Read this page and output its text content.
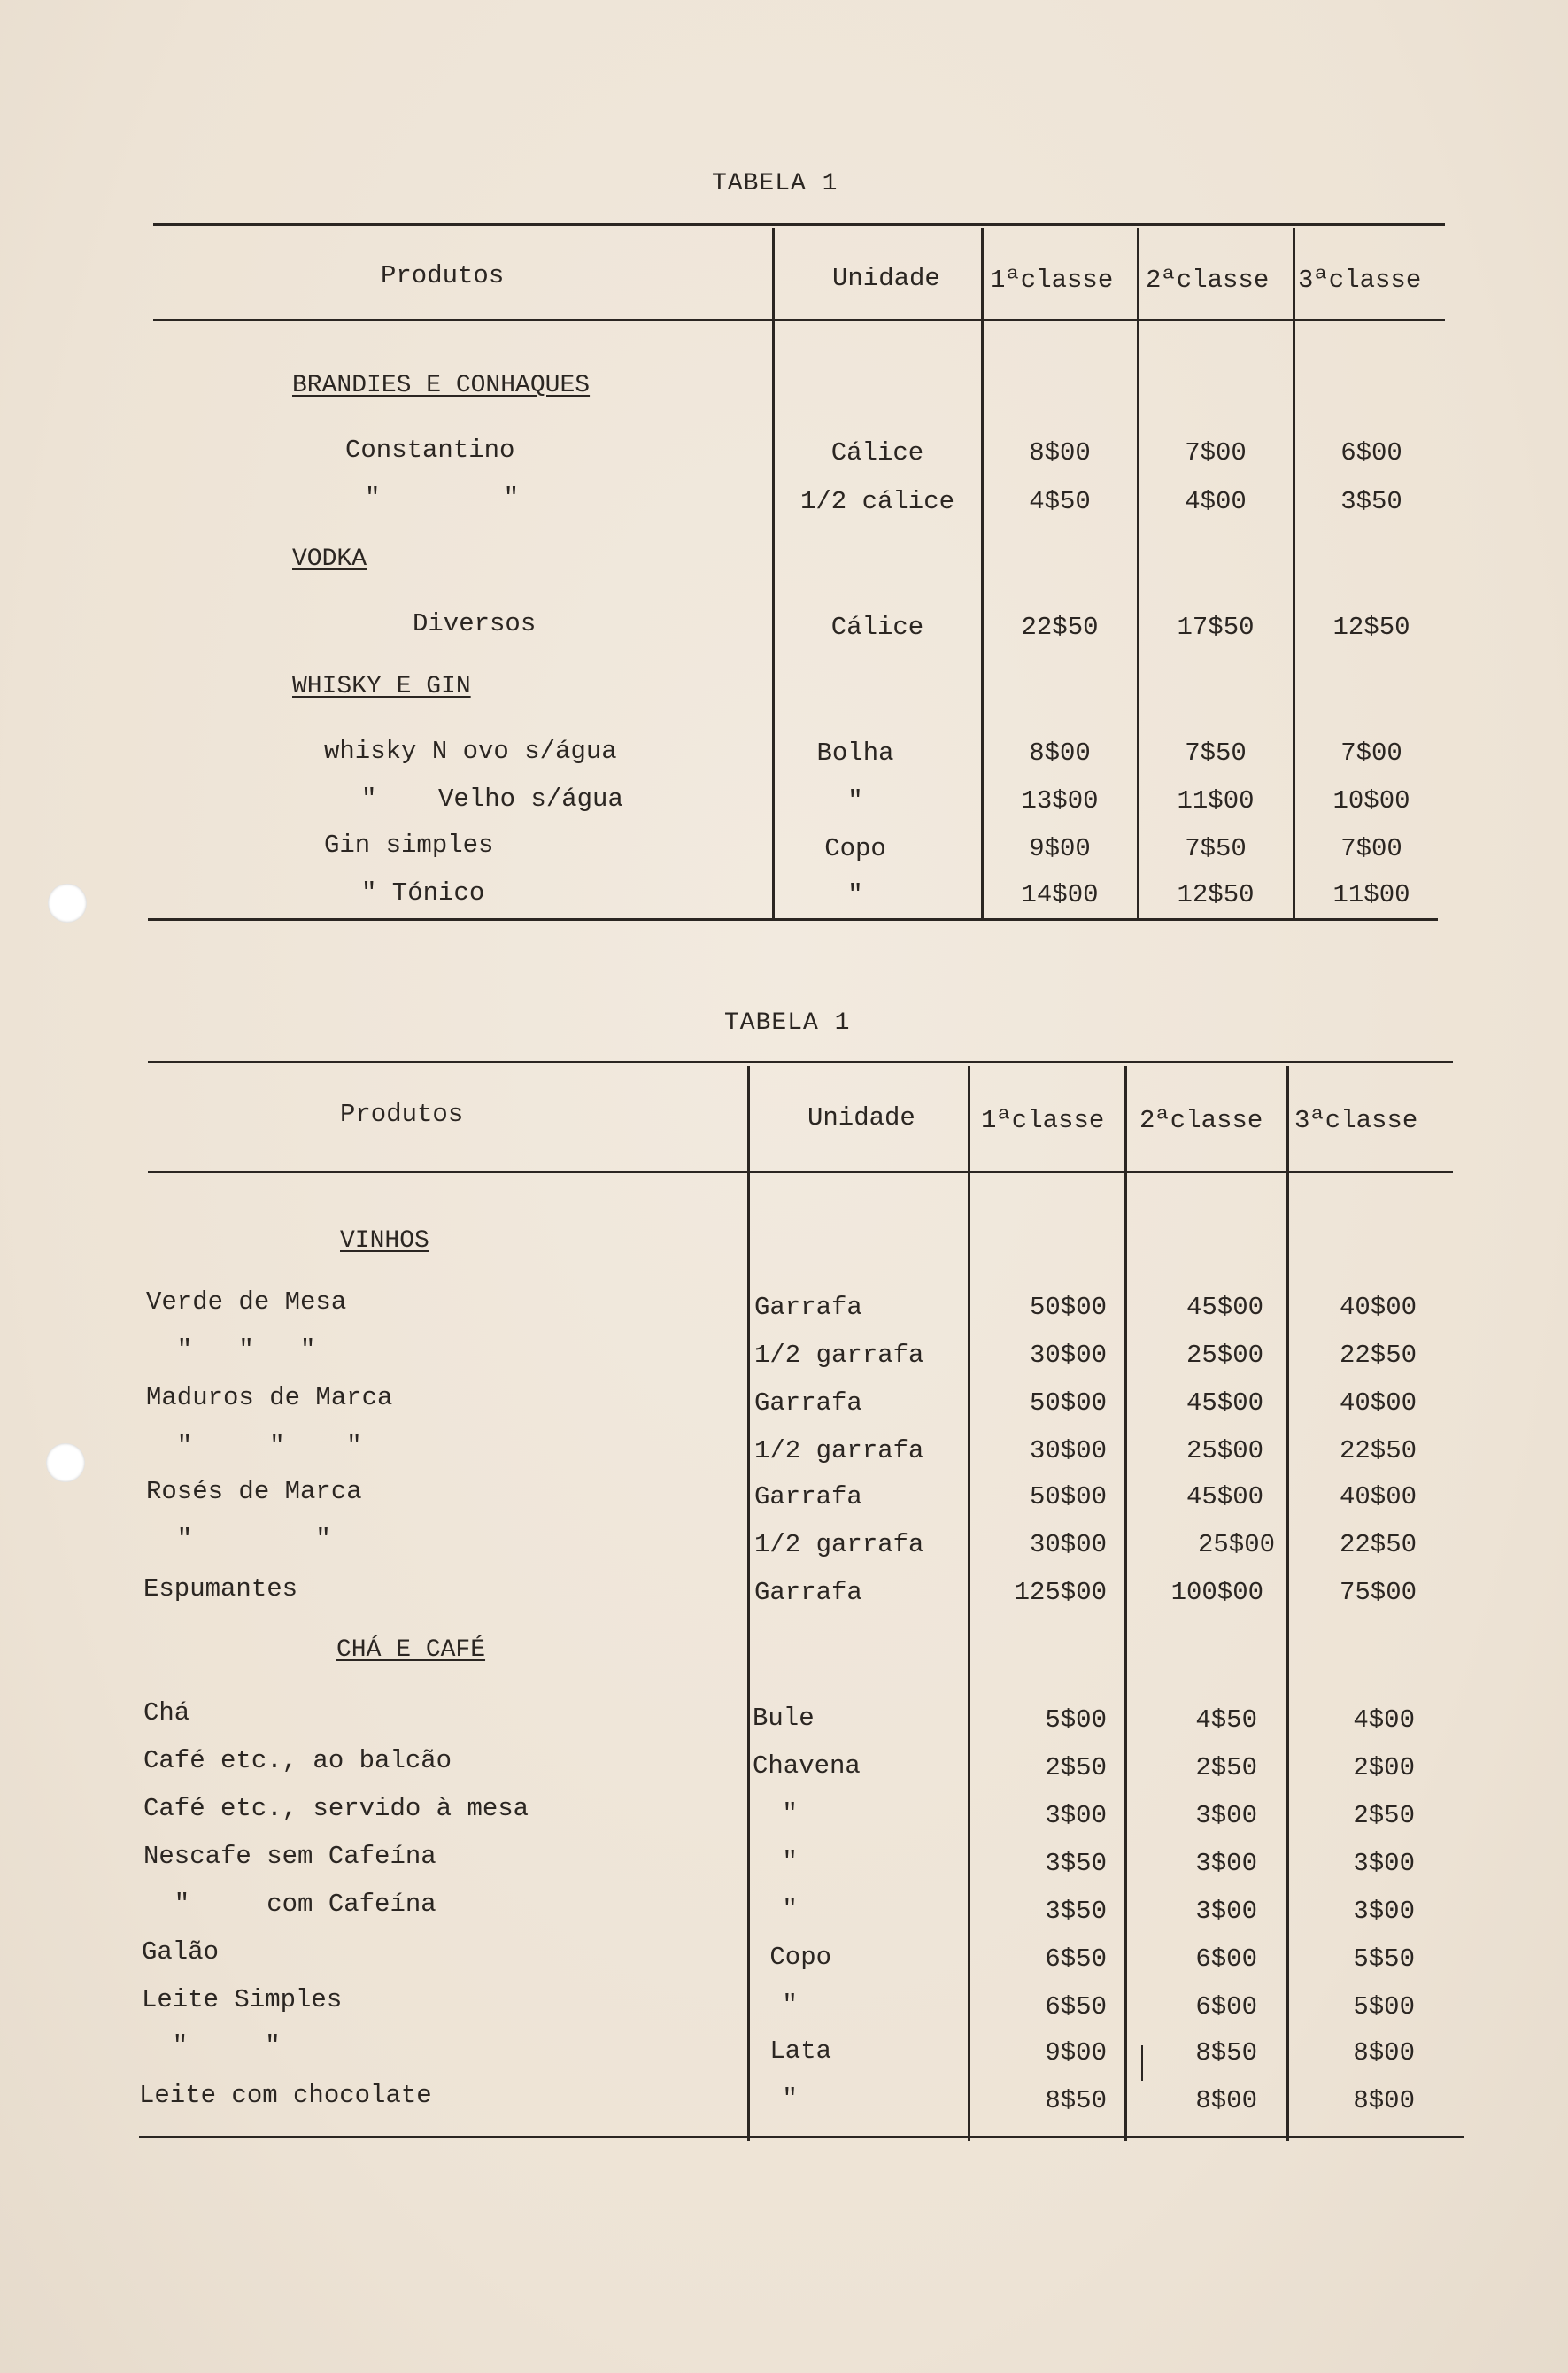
TABELA 1
Produtos	Unidade 1ªclasse 2ªclasse 3ªclasse
BRANDIES E CONHAQUES
Constantino	Cálice	8$00	7$00	6$00
"        "	1/2 cálice	4$50	4$00	3$50
VODKA
Diversos	Cálice	22$50	17$50	12$50
WHISKY E GIN
whisky N ovo s/água	Bolha	8$00	7$50	7$00
"    Velho s/água	"	13$00	11$00	10$00
Gin simples	Copo	9$00	7$50	7$00
" Tónico	"	14$00	12$50	11$00
TABELA 1
Produtos	Unidade	1ªclasse 2ªclasse 3ªclasse
VINHOS
Verde de Mesa	Garrafa	50$00	45$00	40$00
"   "   "	1/2 garrafa	30$00	25$00	22$50
Maduros de Marca	Garrafa	50$00	45$00	40$00
"     "    "	1/2 garrafa	30$00	25$00	22$50
Rosés de Marca	Garrafa	50$00	45$00	40$00
"        "	1/2 garrafa	30$00	25$00	22$50
Espumantes	Garrafa	125$00	100$00	75$00
CHÁ E CAFÉ
Chá	Bule	5$00	4$50	4$00
Café etc., ao balcão	Chavena	2$50	2$50	2$00
Café etc., servido à mesa	"	3$00	3$00	2$50
Nescafe sem Cafeína	"	3$50	3$00	3$00
"     com Cafeína	"	3$50	3$00	3$00
Galão	Copo	6$50	6$00	5$50
Leite Simples	"	6$50	6$00	5$00
"     "	Lata	9$00	8$50	8$00
Leite com chocolate	"	8$50	8$00	8$00
